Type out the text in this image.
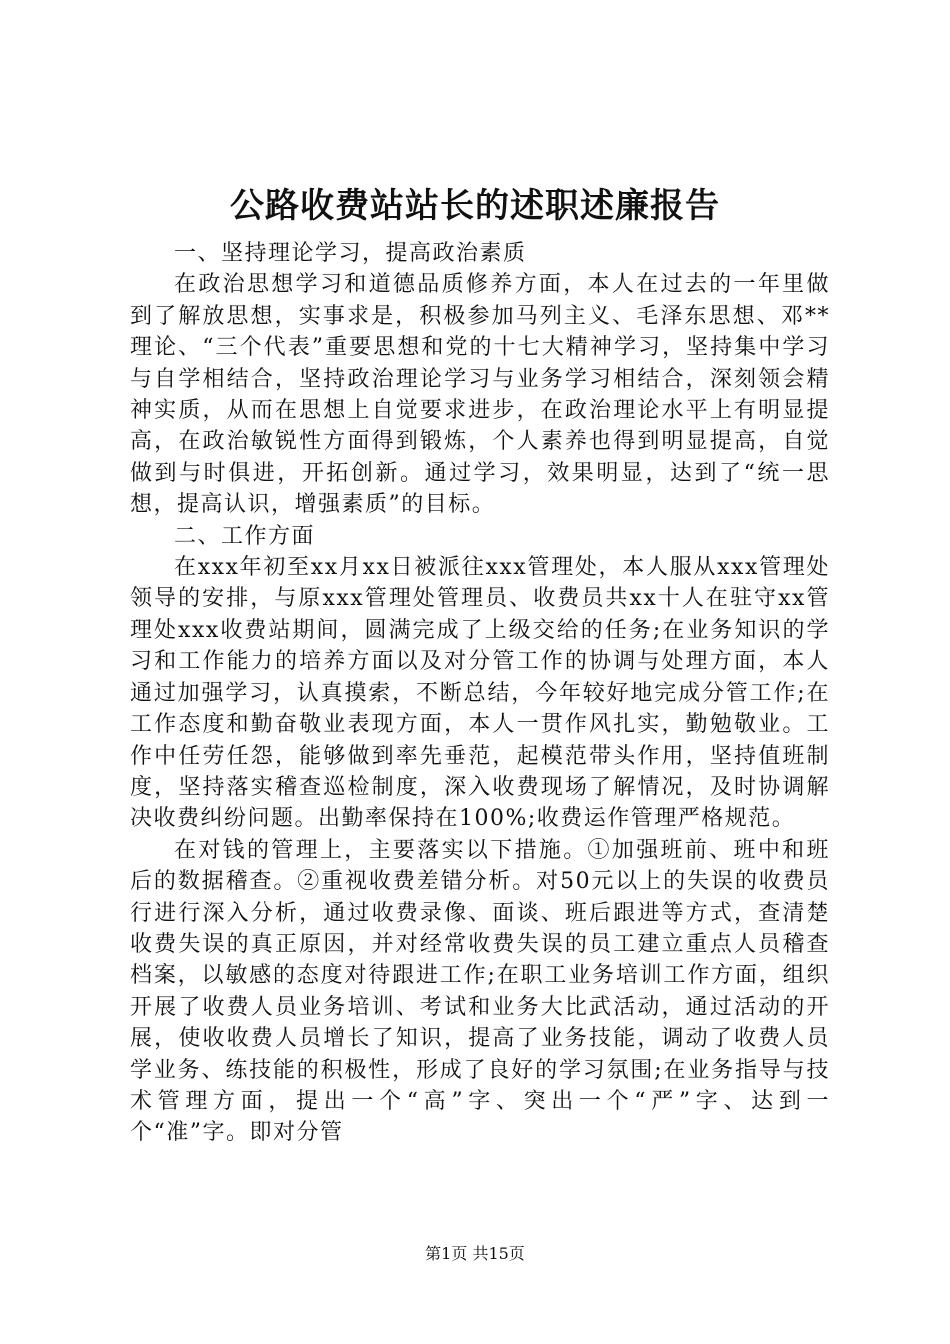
公路收费站站长的述职述廉报告

一、坚持理论学习，提高政治素质

在政治思想学习和道德品质修养方面，本人在过去的一年里做到了解放思想，实事求是，积极参加马列主义、毛泽东思想、邓**理论、“三个代表”重要思想和党的十七大精神学习，坚持集中学习与自学相结合，坚持政治理论学习与业务学习相结合，深刻领会精神实质，从而在思想上自觉要求进步，在政治理论水平上有明显提高，在政治敏锐性方面得到锻炼，个人素养也得到明显提高，自觉做到与时俱进，开拓创新。通过学习，效果明显，达到了“统一思想，提高认识，增强素质”的目标。

二、工作方面

在xxx年初至xx月xx日被派往xxx管理处，本人服从xxx管理处领导的安排，与原xxx管理处管理员、收费员共xx十人在驻守xx管理处xxx收费站期间，圆满完成了上级交给的任务;在业务知识的学习和工作能力的培养方面以及对分管工作的协调与处理方面，本人通过加强学习，认真摸索，不断总结，今年较好地完成分管工作;在工作态度和勤奋敬业表现方面，本人一贯作风扎实，勤勉敬业。工作中任劳任怨，能够做到率先垂范，起模范带头作用，坚持值班制度，坚持落实稽查巡检制度，深入收费现场了解情况，及时协调解决收费纠纷问题。出勤率保持在100%;收费运作管理严格规范。

在对钱的管理上，主要落实以下措施。①加强班前、班中和班后的数据稽查。②重视收费差错分析。对50元以上的失误的收费员行进行深入分析，通过收费录像、面谈、班后跟进等方式，查清楚收费失误的真正原因，并对经常收费失误的员工建立重点人员稽查档案，以敏感的态度对待跟进工作;在职工业务培训工作方面，组织开展了收费人员业务培训、考试和业务大比武活动，通过活动的开展，使收收费人员增长了知识，提高了业务技能，调动了收费人员学业务、练技能的积极性，形成了良好的学习氛围;在业务指导与技术管理方面，提出一个“高”字、突出一个“严”字、达到一个“准”字。即对分管

第1页 共15页
